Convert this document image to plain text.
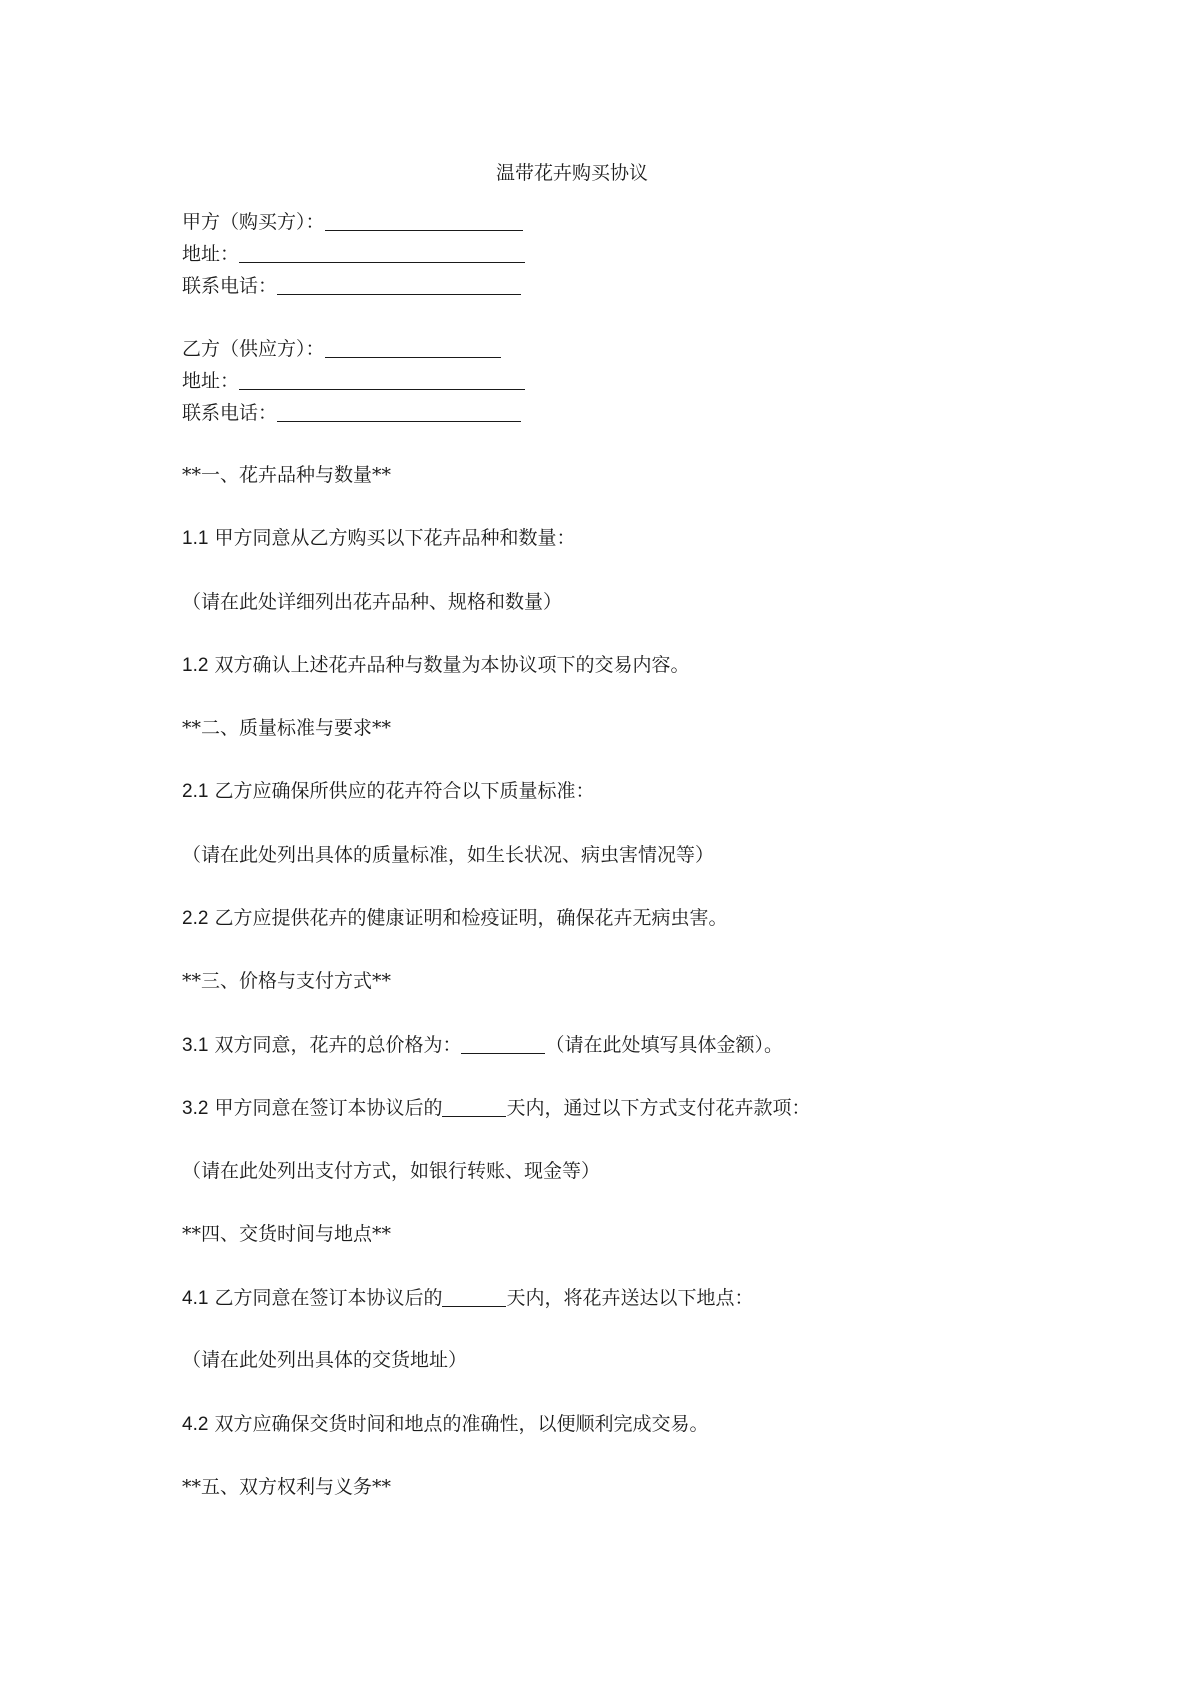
温带花卉购买协议

甲方（购买方）：

地址：

联系电话：

乙方（供应方）：

地址：

联系电话：

**一、花卉品种与数量**

1.1 甲方同意从乙方购买以下花卉品种和数量：

（请在此处详细列出花卉品种、规格和数量）

1.2 双方确认上述花卉品种与数量为本协议项下的交易内容。

**二、质量标准与要求**

2.1 乙方应确保所供应的花卉符合以下质量标准：

（请在此处列出具体的质量标准，如生长状况、病虫害情况等）

2.2 乙方应提供花卉的健康证明和检疫证明，确保花卉无病虫害。

**三、价格与支付方式**

3.1 双方同意，花卉的总价格为：	（请在此处填写具体金额）。

3.2 甲方同意在签订本协议后的	天内，通过以下方式支付花卉款项：

（请在此处列出支付方式，如银行转账、现金等）

**四、交货时间与地点**

4.1 乙方同意在签订本协议后的	天内，将花卉送达以下地点：

（请在此处列出具体的交货地址）

4.2 双方应确保交货时间和地点的准确性，以便顺利完成交易。

**五、双方权利与义务**
